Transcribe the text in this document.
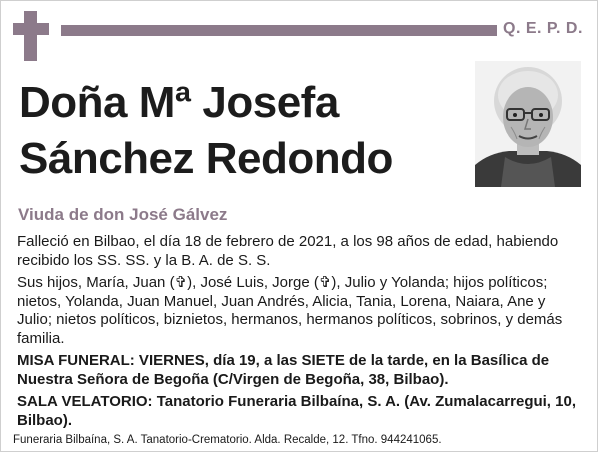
Q. E. P. D.
Doña Mª Josefa
Sánchez Redondo
Viuda de don José Gálvez

Falleció en Bilbao, el día 18 de febrero de 2021, a los 98 años de edad, habiendo recibido los SS. SS. y la B. A. de S. S.

Sus hijos, María, Juan (✞), José Luis, Jorge (✞), Julio y Yolanda; hijos políticos; nietos, Yolanda, Juan Manuel, Juan Andrés, Alicia, Tania, Lorena, Naiara, Ane y Julio; nietos políticos, biznietos, hermanos, hermanos políticos, sobrinos, y demás familia.

MISA FUNERAL: VIERNES, día 19, a las SIETE de la tarde, en la Basílica de Nuestra Señora de Begoña (C/Virgen de Begoña, 38, Bilbao).

SALA VELATORIO: Tanatorio Funeraria Bilbaína, S. A. (Av. Zumalacarregui, 10, Bilbao).

Funeraria Bilbaína, S. A. Tanatorio-Crematorio. Alda. Recalde, 12. Tfno. 944241065.
